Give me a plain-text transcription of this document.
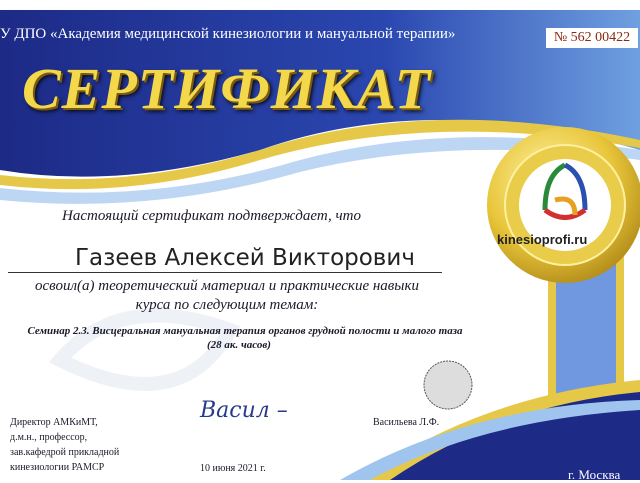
У ДПО «Академия медицинской кинезиологии и мануальной терапии»	№ 562 00422
СЕРТИФИКАТ
kinesioprofi.ru
Настоящий сертификат подтверждает, что
Газеев Алексей Викторович
освоил(а) теоретический материал и практические навыки курса по следующим темам:
Семинар 2.3. Висцеральная мануальная терапия органов грудной полости и малого таза
(28 ак. часов)
Директор АМКиМТ,
д.м.н., профессор,
зав.кафедрой прикладной
кинезиологии РАМСР
Васил –	Васильева Л.Ф.
10 июня 2021 г.	г. Москва
